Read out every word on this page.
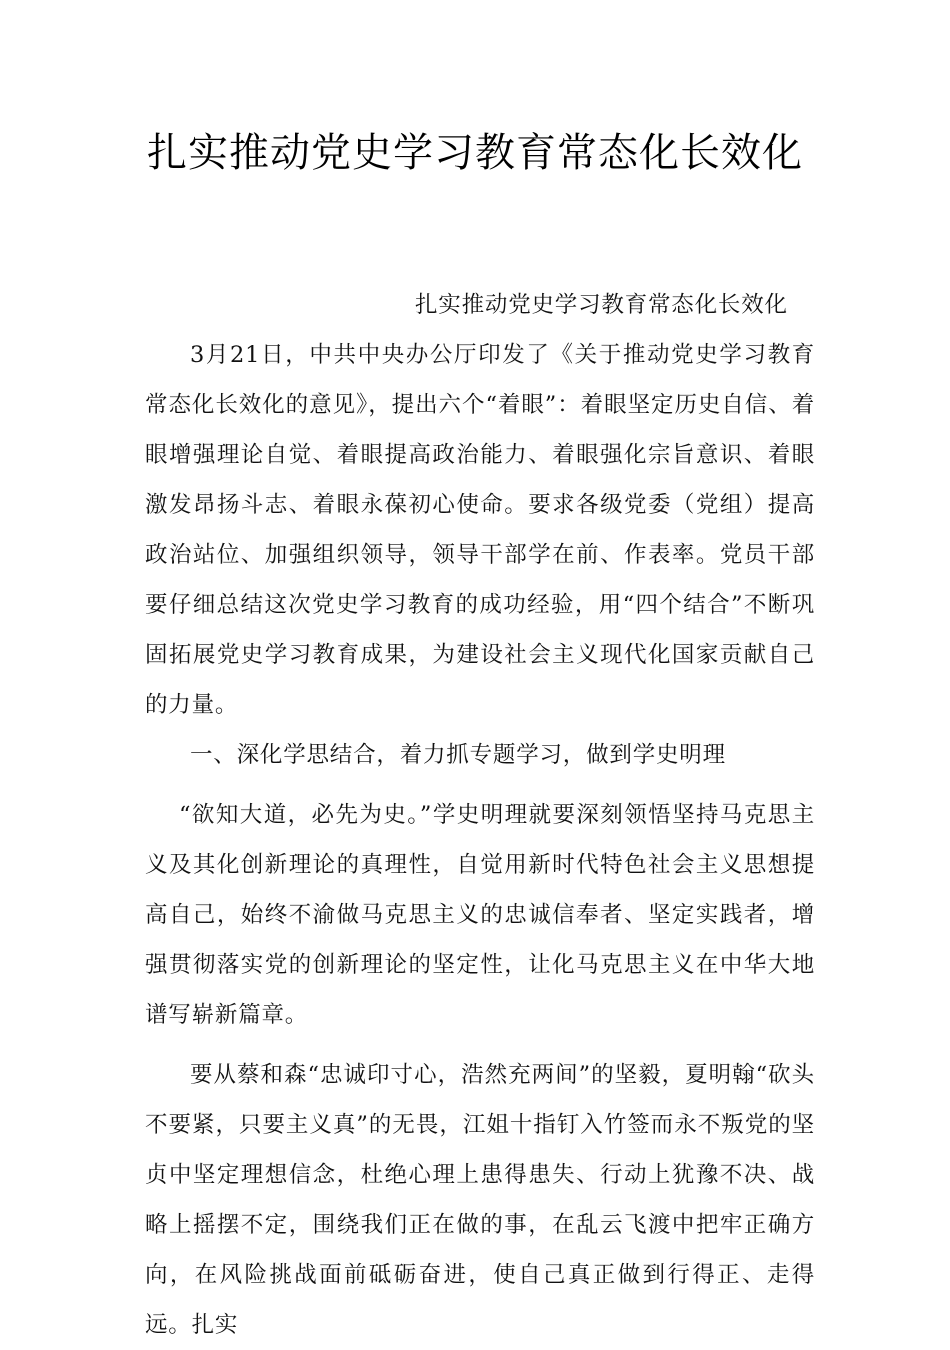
扎实推动党史学习教育常态化长效化

扎实推动党史学习教育常态化长效化

3月21日，中共中央办公厅印发了《关于推动党史学习教育常态化长效化的意见》，提出六个“着眼”：着眼坚定历史自信、着眼增强理论自觉、着眼提高政治能力、着眼强化宗旨意识、着眼激发昂扬斗志、着眼永葆初心使命。要求各级党委（党组）提高政治站位、加强组织领导，领导干部学在前、作表率。党员干部要仔细总结这次党史学习教育的成功经验，用“四个结合”不断巩固拓展党史学习教育成果，为建设社会主义现代化国家贡献自己的力量。

一、深化学思结合，着力抓专题学习，做到学史明理

“欲知大道，必先为史。”学史明理就要深刻领悟坚持马克思主义及其化创新理论的真理性，自觉用新时代特色社会主义思想提高自己，始终不渝做马克思主义的忠诚信奉者、坚定实践者，增强贯彻落实党的创新理论的坚定性，让化马克思主义在中华大地谱写崭新篇章。

要从蔡和森“忠诚印寸心，浩然充两间”的坚毅，夏明翰“砍头不要紧，只要主义真”的无畏，江姐十指钉入竹签而永不叛党的坚贞中坚定理想信念，杜绝心理上患得患失、行动上犹豫不决、战略上摇摆不定，围绕我们正在做的事，在乱云飞渡中把牢正确方向，在风险挑战面前砥砺奋进，使自己真正做到行得正、走得远。扎实
